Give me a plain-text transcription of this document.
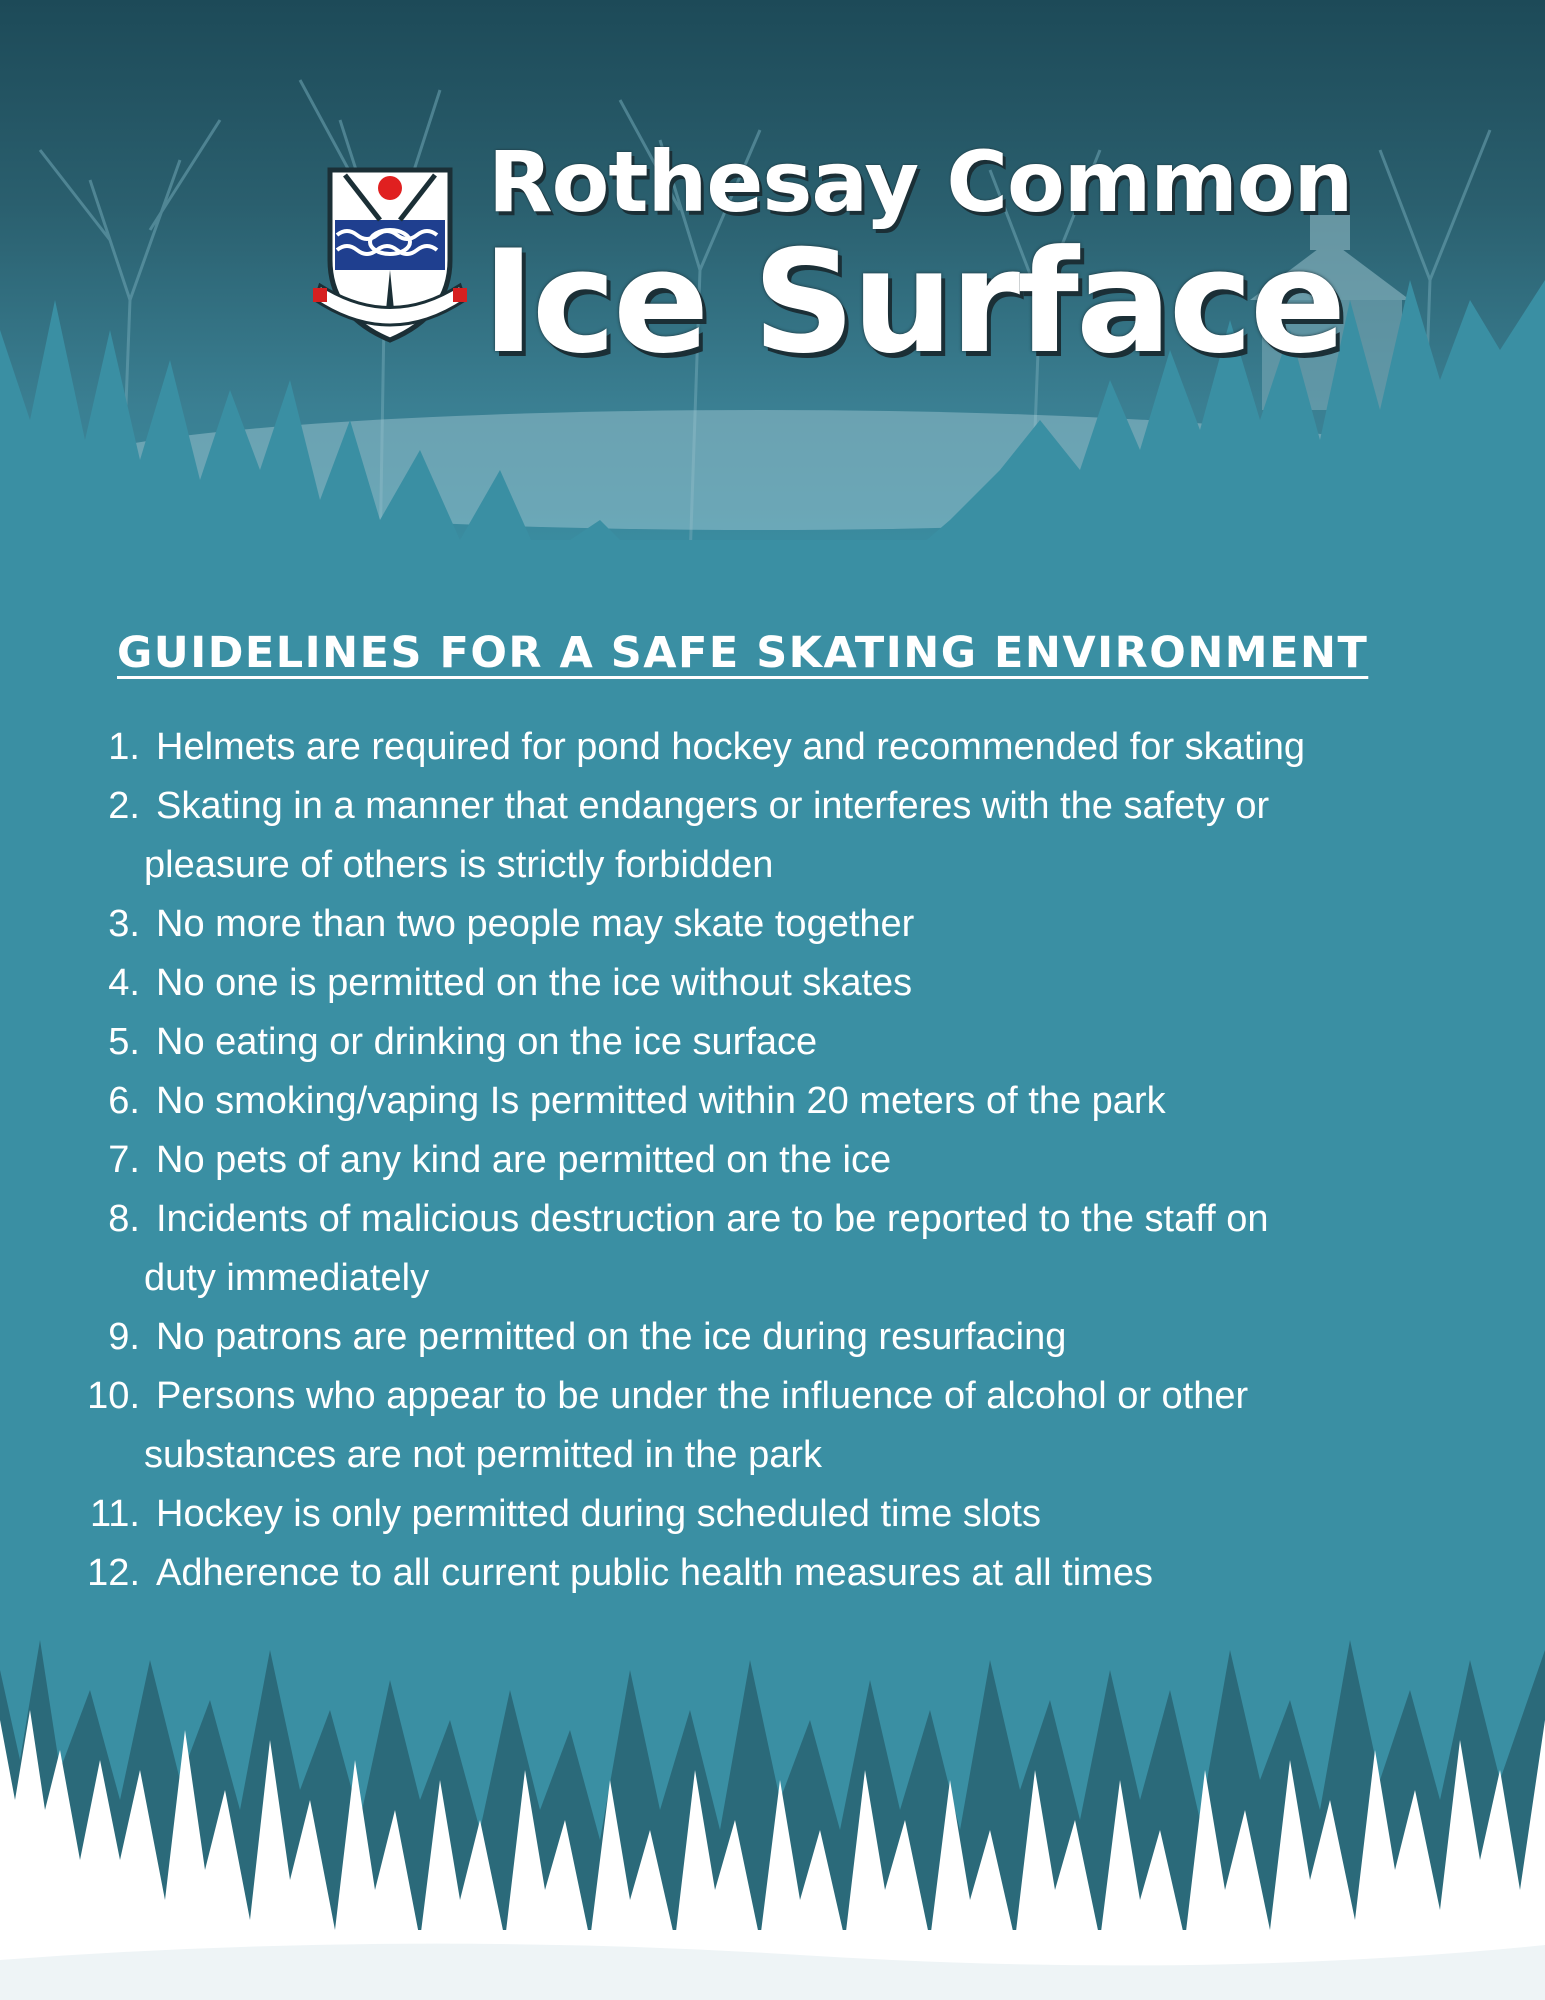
Rothesay Common
Ice Surface
GUIDELINES FOR A SAFE SKATING ENVIRONMENT
1. Helmets are required for pond hockey and recommended for skating
2. Skating in a manner that endangers or interferes with the safety or
pleasure of others is strictly forbidden
3. No more than two people may skate together
4. No one is permitted on the ice without skates
5. No eating or drinking on the ice surface
6. No smoking/vaping Is permitted within 20 meters of the park
7. No pets of any kind are permitted on the ice
8. Incidents of malicious destruction are to be reported to the staff on
duty immediately
9. No patrons are permitted on the ice during resurfacing
10. Persons who appear to be under the influence of alcohol or other
substances are not permitted in the park
11. Hockey is only permitted during scheduled time slots
12. Adherence to all current public health measures at all times
